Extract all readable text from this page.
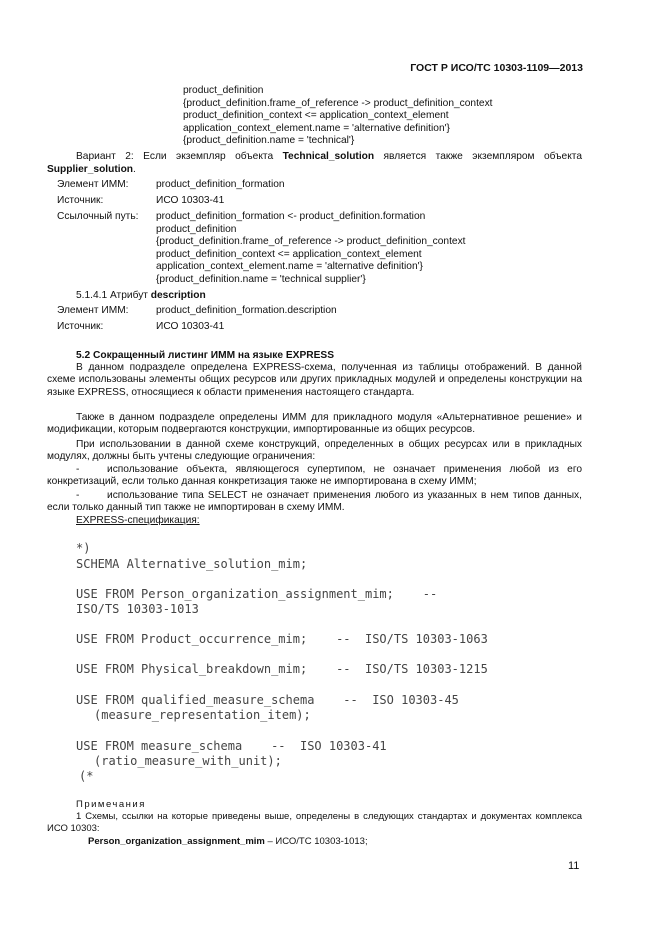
ГОСТ Р ИСО/ТС 10303-1109—2013
product_definition
{product_definition.frame_of_reference -> product_definition_context
product_definition_context <= application_context_element
application_context_element.name = 'alternative definition'}
{product_definition.name = 'technical'}
Вариант 2: Если экземпляр объекта Technical_solution является также экземпляром объекта
Supplier_solution.
Элемент ИММ:	product_definition_formation
Источник:	ИСО 10303-41
Ссылочный путь: product_definition_formation <- product_definition.formation
product_definition
{product_definition.frame_of_reference -> product_definition_context
product_definition_context <= application_context_element
application_context_element.name = 'alternative definition'}
{product_definition.name = 'technical supplier'}
5.1.4.1 Атрибут description
Элемент ИММ:	product_definition_formation.description
Источник:	ИСО 10303-41
5.2 Сокращенный листинг ИММ на языке EXPRESS
В данном подразделе определена EXPRESS-схема, полученная из таблицы отображений. В данной схеме использованы элементы общих ресурсов или других прикладных модулей и определены конструкции на языке EXPRESS, относящиеся к области применения настоящего стандарта.
Также в данном подразделе определены ИММ для прикладного модуля «Альтернативное решение» и модификации, которым подвергаются конструкции, импортированные из общих ресурсов.
При использовании в данной схеме конструкций, определенных в общих ресурсах или в прикладных модулях, должны быть учтены следующие ограничения:
-	использование объекта, являющегося супертипом, не означает применения любой из его конкретизаций, если только данная конкретизация также не импортирована в схему ИММ;
-	использование типа SELECT не означает применения любого из указанных в нем типов данных, если только данный тип также не импортирован в схему ИММ.
EXPRESS-спецификация:
*)
SCHEMA Alternative_solution_mim;
USE FROM Person_organization_assignment_mim;    --
ISO/TS 10303-1013
USE FROM Product_occurrence_mim;    --  ISO/TS 10303-1063
USE FROM Physical_breakdown_mim;    --  ISO/TS 10303-1215
USE FROM qualified_measure_schema    --  ISO 10303-45
(measure_representation_item);
USE FROM measure_schema    --  ISO 10303-41
(ratio_measure_with_unit);
(*
Примечания
1 Схемы, ссылки на которые приведены выше, определены в следующих стандартах и документах комплекса ИСО 10303:
Person_organization_assignment_mim – ИСО/ТС 10303-1013;
11
